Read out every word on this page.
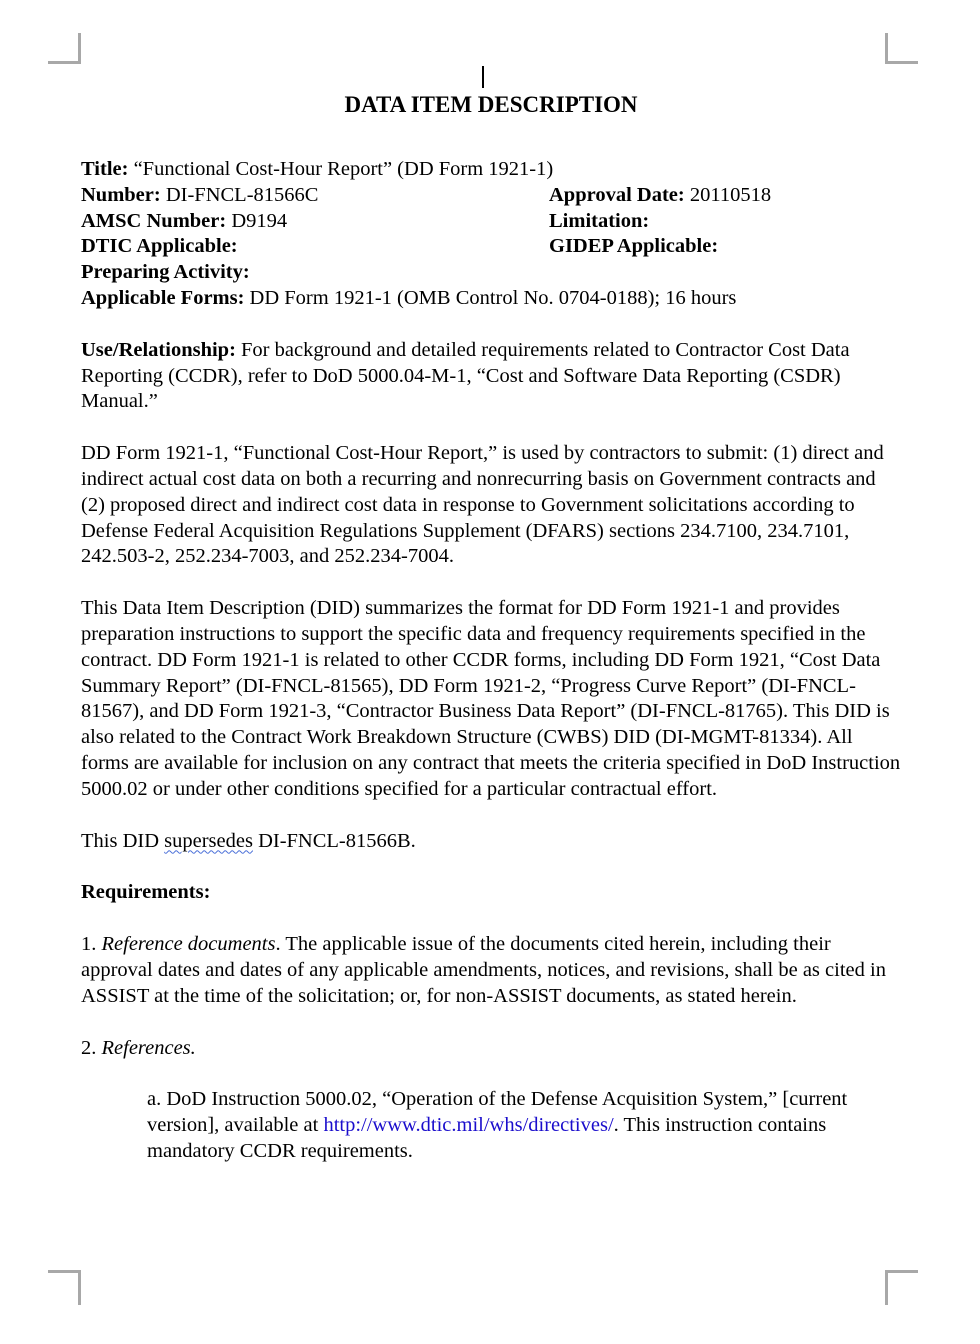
DATA ITEM DESCRIPTION
Title: “Functional Cost-Hour Report” (DD Form 1921-1)
Number: DI-FNCL-81566C	Approval Date: 20110518
AMSC Number: D9194	Limitation:
DTIC Applicable:	GIDEP Applicable:
Preparing Activity:
Applicable Forms: DD Form 1921-1 (OMB Control No. 0704-0188); 16 hours

Use/Relationship: For background and detailed requirements related to Contractor Cost Data Reporting (CCDR), refer to DoD 5000.04-M-1, “Cost and Software Data Reporting (CSDR) Manual.”

DD Form 1921-1, “Functional Cost-Hour Report,” is used by contractors to submit: (1) direct and indirect actual cost data on both a recurring and nonrecurring basis on Government contracts and (2) proposed direct and indirect cost data in response to Government solicitations according to Defense Federal Acquisition Regulations Supplement (DFARS) sections 234.7100, 234.7101, 242.503-2, 252.234-7003, and 252.234-7004.

This Data Item Description (DID) summarizes the format for DD Form 1921-1 and provides preparation instructions to support the specific data and frequency requirements specified in the contract. DD Form 1921-1 is related to other CCDR forms, including DD Form 1921, “Cost Data Summary Report” (DI-FNCL-81565), DD Form 1921-2, “Progress Curve Report” (DI-FNCL-81567), and DD Form 1921-3, “Contractor Business Data Report” (DI-FNCL-81765). This DID is also related to the Contract Work Breakdown Structure (CWBS) DID (DI-MGMT-81334). All forms are available for inclusion on any contract that meets the criteria specified in DoD Instruction 5000.02 or under other conditions specified for a particular contractual effort.

This DID supersedes DI-FNCL-81566B.

Requirements:

1. Reference documents. The applicable issue of the documents cited herein, including their approval dates and dates of any applicable amendments, notices, and revisions, shall be as cited in ASSIST at the time of the solicitation; or, for non-ASSIST documents, as stated herein.

2. References.

a. DoD Instruction 5000.02, “Operation of the Defense Acquisition System,” [current version], available at http://www.dtic.mil/whs/directives/. This instruction contains mandatory CCDR requirements.
